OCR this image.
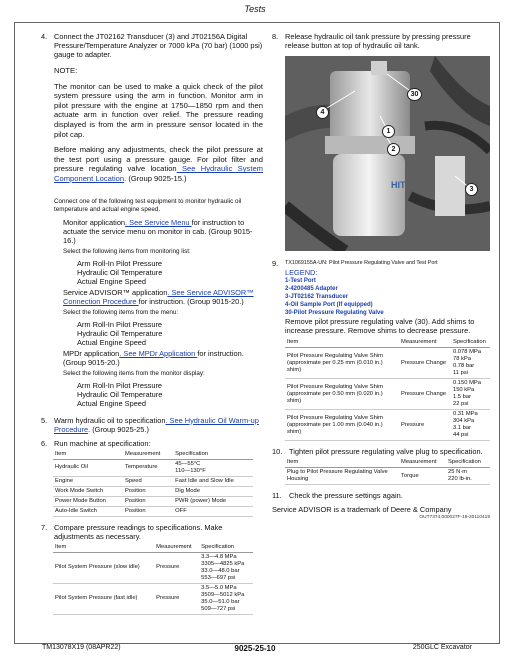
Tests
4. Connect the JT02162 Transducer (3) and JT02156A Digital Pressure/Temperature Analyzer or 7000 kPa (70 bar) (1000 psi) gauge to adapter.

NOTE:

The monitor can be used to make a quick check of the pilot system pressure using the arm in function. Monitor arm in pilot pressure with the engine at 1750—1850 rpm and then actuate arm in function over relief. The pressure reading displayed is from the arm in pressure sensor located in the pilot cap.

Before making any adjustments, check the pilot pressure at the test port using a pressure gauge. For pilot filter and pressure regulating valve location See Hydraulic System Component Location. (Group 9025-15.)

Connect one of the following test equipment to monitor hydraulic oil temperature and actual engine speed.

Monitor application. See Service Menu for instruction to actuate the service menu on monitor in cab. (Group 9015-16.)

Select the following items from monitoring list:

Arm Roll-In Pilot Pressure
Hydraulic Oil Temperature
Actual Engine Speed

Service ADVISOR™ application. See Service ADVISOR™ Connection Procedure for instruction. (Group 9015-20.)

Select the following items from the menu:

Arm Roll-In Pilot Pressure
Hydraulic Oil Temperature
Actual Engine Speed

MPDr application. See MPDr Application for instruction. (Group 9015-20.)

Select the following items from the monitor display:

Arm Roll-In Pilot Pressure
Hydraulic Oil Temperature
Actual Engine Speed
5. Warm hydraulic oil to specification. See Hydraulic Oil Warm-up Procedure. (Group 9025-25.)
6. Run machine at specification:
Item	Measurement	Specification
Hydraulic Oil	Temperature	45—55°C
110—130°F
Engine	Speed	Fast Idle and Slow Idle
Work Mode Switch	Position	Dig Mode
Power Mode Button	Position	PWR (power) Mode
Auto-Idle Switch	Position	OFF
7. Compare pressure readings to specifications. Make adjustments as necessary.
Item	Measurement	Specification
Pilot System Pressure (slow idle)	Pressure	3.3—4.8 MPa
3305—4825 kPa
33.0—48.0 bar
553—697 psi
Pilot System Pressure (fast idle)	Pressure	3.5—5.0 MPa
3509—5012 kPa
35.0—51.0 bar
509—727 psi
8. Release hydraulic oil tank pressure by pressing pressure release button at top of hydraulic oil tank.
HIT
4
30
1
2
3
9.	TX1069155A-UN: Pilot Pressure Regulating Valve and Test Port
LEGEND:
1-Test Port
2-4200485 Adapter
3-JT02162 Transducer
4-Oil Sample Port (If equipped)
30-Pilot Pressure Regulating Valve

Remove pilot pressure regulating valve (30). Add shims to increase pressure. Remove shims to decrease pressure.

Item	Measurement	Specification
Pilot Pressure Regulating Valve Shim (approximate per 0.25 mm (0.010 in.) shim)	Pressure Change	0.078 MPa
78 kPa
0.78 bar
11 psi
Pilot Pressure Regulating Valve Shim (approximate per 0.50 mm (0.020 in.) shim)	Pressure Change	0.150 MPa
150 kPa
1.5 bar
22 psi
Pilot Pressure Regulating Valve Shim (approximate per 1.00 mm (0.040 in.) shim)	Pressure	0.31 MPa
304 kPa
3.1 bar
44 psi
10. Tighten pilot pressure regulating valve plug to specification.
Item	Measurement	Specification
Plug to Pilot Pressure Regulating Valve Housing	Torque	25 N·m
220 lb-in.
11. Check the pressure settings again.

Service ADVISOR is a trademark of Deere & Company

OUT7374,000027F-19-20110419
TM13078X19 (08APR22)	9025-25-10	250GLC Excavator
